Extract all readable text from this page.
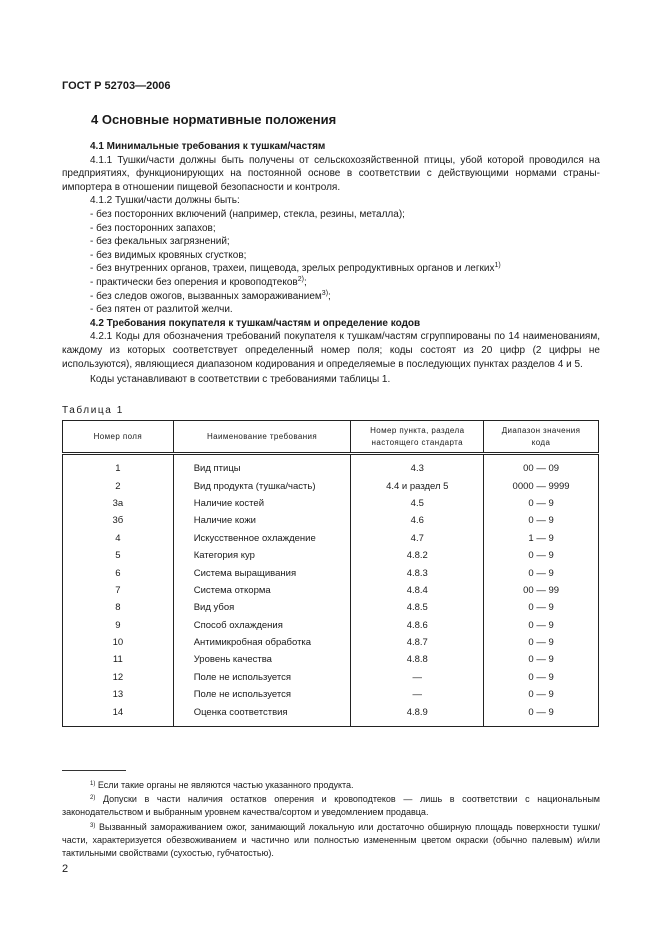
ГОСТ Р 52703—2006
4 Основные нормативные положения

4.1 Минимальные требования к тушкам/частям

4.1.1 Тушки/части должны быть получены от сельскохозяйственной птицы, убой которой проводился на предприятиях, функционирующих на постоянной основе в соответствии с действующими нормами страны-импортера в отношении пищевой безопасности и контроля.

4.1.2 Тушки/части должны быть:

- без посторонних включений (например, стекла, резины, металла);

- без посторонних запахов;

- без фекальных загрязнений;

- без видимых кровяных сгустков;

- без внутренних органов, трахеи, пищевода, зрелых репродуктивных органов и легких$^{1)}$

- практически без оперения и кровоподтеков$^{2)}$;

- без следов ожогов, вызванных замораживанием$^{3)}$;

- без пятен от разлитой желчи.

4.2 Требования покупателя к тушкам/частям и определение кодов

4.2.1 Коды для обозначения требований покупателя к тушкам/частям сгруппированы по 14 наименованиям, каждому из которых соответствует определенный номер поля; коды состоят из 20 цифр (2 цифры не используются), являющиеся диапазоном кодирования и определяемые в последующих пунктах разделов 4 и 5.

Коды устанавливают в соответствии с требованиями таблицы 1.

Таблица 1
Номер поля	Наименование требования	Номер пункта, раздела настоящего стандарта	Диапазон значения кода
1	Вид птицы	4.3	00 — 09
2	Вид продукта (тушка/часть)	4.4 и раздел 5	0000 — 9999
3а	Наличие костей	4.5	0 — 9
3б	Наличие кожи	4.6	0 — 9
4	Искусственное охлаждение	4.7	1 — 9
5	Категория кур	4.8.2	0 — 9
6	Система выращивания	4.8.3	0 — 9
7	Система откорма	4.8.4	00 — 99
8	Вид убоя	4.8.5	0 — 9
9	Способ охлаждения	4.8.6	0 — 9
10	Антимикробная обработка	4.8.7	0 — 9
11	Уровень качества	4.8.8	0 — 9
12	Поле не используется	—	0 — 9
13	Поле не используется	—	0 — 9
14	Оценка соответствия	4.8.9	0 — 9

$^{1)}$ Если такие органы не являются частью указанного продукта.

$^{2)}$ Допуски в части наличия остатков оперения и кровоподтеков — лишь в соответствии с национальным законодательством и выбранным уровнем качества/сортом и уведомлением продавца.

$^{3)}$ Вызванный замораживанием ожог, занимающий локальную или достаточно обширную площадь поверхности тушки/части, характеризуется обезвоживанием и частично или полностью измененным цветом окраски (обычно палевым) и/или тактильными свойствами (сухостью, губчатостью).

2
